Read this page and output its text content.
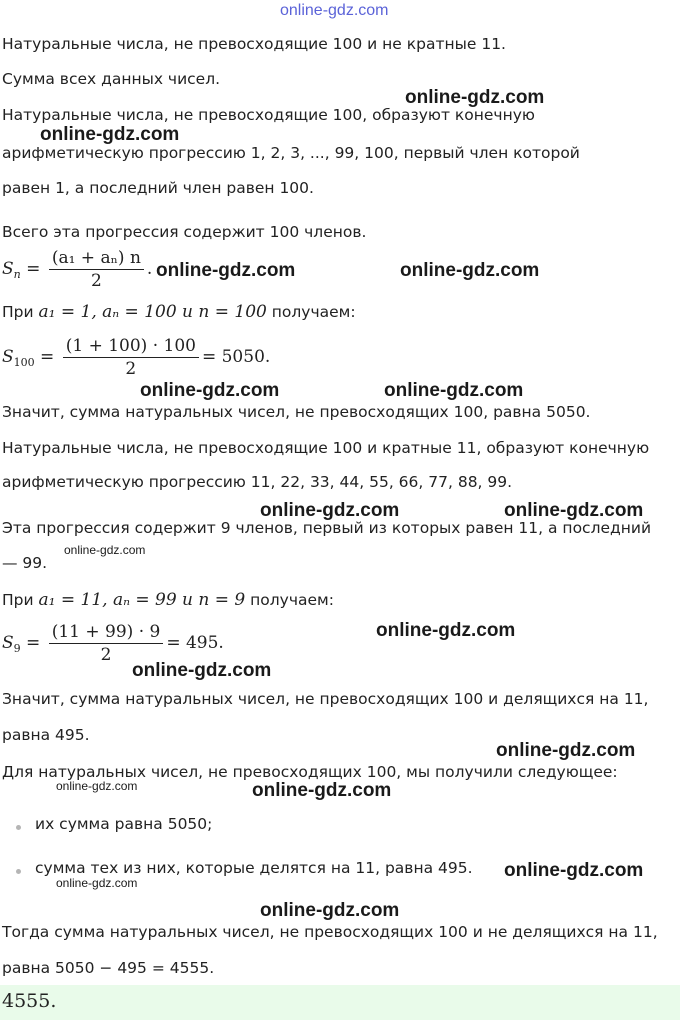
online-gdz.com
Натуральные числа, не превосходящие 100 и не кратные 11.
Сумма всех данных чисел.
Натуральные числа, не превосходящие 100, образуют конечную
арифметическую прогрессию 1, 2, 3, ..., 99, 100, первый член которой
равен 1, а последний член равен 100.
Всего эта прогрессия содержит 100 членов.
$S_n = \frac{\text{(a₁ + aₙ) n}}{2}$ .
При a₁ = 1, aₙ = 100 и n = 100 получаем:
$S_{100} = \frac{(1 + 100) \cdot 100}{2} = 5050$.
Значит, сумма натуральных чисел, не превосходящих 100, равна 5050.
Натуральные числа, не превосходящие 100 и кратные 11, образуют конечную
арифметическую прогрессию 11, 22, 33, 44, 55, 66, 77, 88, 99.
Эта прогрессия содержит 9 членов, первый из которых равен 11, а последний
— 99.
При a₁ = 11, aₙ = 99 и n = 9 получаем:
$S_9 = \frac{(11 + 99) \cdot 9}{2} = 495$.
Значит, сумма натуральных чисел, не превосходящих 100 и делящихся на 11,
равна 495.
Для натуральных чисел, не превосходящих 100, мы получили следующее:
их сумма равна 5050;
сумма тех из них, которые делятся на 11, равна 495.
Тогда сумма натуральных чисел, не превосходящих 100 и не делящихся на 11,
равна 5050 − 495 = 4555.
4555.
online-gdz.com
online-gdz.com
online-gdz.com	online-gdz.com
online-gdz.com	online-gdz.com
online-gdz.com	online-gdz.com
online-gdz.com
online-gdz.com
online-gdz.com
online-gdz.com
online-gdz.com	online-gdz.com
online-gdz.com
online-gdz.com
online-gdz.com
